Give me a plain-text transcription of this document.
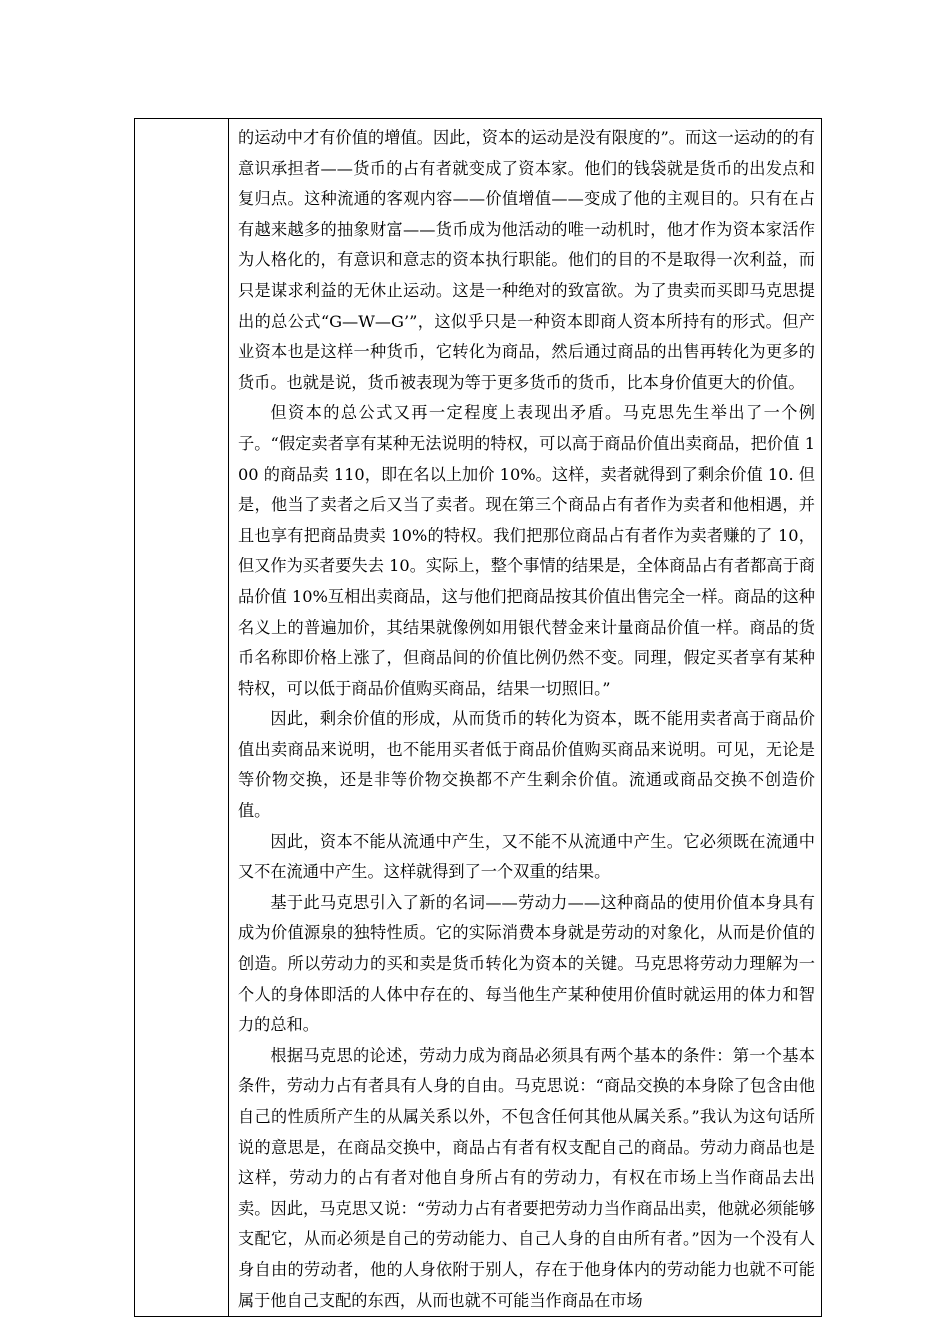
的运动中才有价值的增值。因此，资本的运动是没有限度的”。而这一运动的的有意识承担者——货币的占有者就变成了资本家。他们的钱袋就是货币的出发点和复归点。这种流通的客观内容——价值增值——变成了他的主观目的。只有在占有越来越多的抽象财富——货币成为他活动的唯一动机时，他才作为资本家活作为人格化的，有意识和意志的资本执行职能。他们的目的不是取得一次利益，而只是谋求利益的无休止运动。这是一种绝对的致富欲。为了贵卖而买即马克思提出的总公式“G—W—G’”，这似乎只是一种资本即商人资本所持有的形式。但产业资本也是这样一种货币，它转化为商品，然后通过商品的出售再转化为更多的货币。也就是说，货币被表现为等于更多货币的货币，比本身价值更大的价值。

但资本的总公式又再一定程度上表现出矛盾。马克思先生举出了一个例子。“假定卖者享有某种无法说明的特权，可以高于商品价值出卖商品，把价值 100 的商品卖 110，即在名以上加价 10%。这样，卖者就得到了剩余价值 10. 但是，他当了卖者之后又当了卖者。现在第三个商品占有者作为卖者和他相遇，并且也享有把商品贵卖 10%的特权。我们把那位商品占有者作为卖者赚的了 10，但又作为买者要失去 10。实际上，整个事情的结果是，全体商品占有者都高于商品价值 10%互相出卖商品，这与他们把商品按其价值出售完全一样。商品的这种名义上的普遍加价，其结果就像例如用银代替金来计量商品价值一样。商品的货币名称即价格上涨了，但商品间的价值比例仍然不变。同理，假定买者享有某种特权，可以低于商品价值购买商品，结果一切照旧。”

因此，剩余价值的形成，从而货币的转化为资本，既不能用卖者高于商品价值出卖商品来说明，也不能用买者低于商品价值购买商品来说明。可见，无论是等价物交换，还是非等价物交换都不产生剩余价值。流通或商品交换不创造价值。

因此，资本不能从流通中产生，又不能不从流通中产生。它必须既在流通中又不在流通中产生。这样就得到了一个双重的结果。

基于此马克思引入了新的名词——劳动力——这种商品的使用价值本身具有成为价值源泉的独特性质。它的实际消费本身就是劳动的对象化，从而是价值的创造。所以劳动力的买和卖是货币转化为资本的关键。马克思将劳动力理解为一个人的身体即活的人体中存在的、每当他生产某种使用价值时就运用的体力和智力的总和。

根据马克思的论述，劳动力成为商品必须具有两个基本的条件：第一个基本条件，劳动力占有者具有人身的自由。马克思说：“商品交换的本身除了包含由他自己的性质所产生的从属关系以外，不包含任何其他从属关系。”我认为这句话所说的意思是，在商品交换中，商品占有者有权支配自己的商品。劳动力商品也是这样，劳动力的占有者对他自身所占有的劳动力，有权在市场上当作商品去出卖。因此，马克思又说：“劳动力占有者要把劳动力当作商品出卖，他就必须能够支配它，从而必须是自己的劳动能力、自己人身的自由所有者。”因为一个没有人身自由的劳动者，他的人身依附于别人，存在于他身体内的劳动能力也就不可能属于他自己支配的东西，从而也就不可能当作商品在市场
